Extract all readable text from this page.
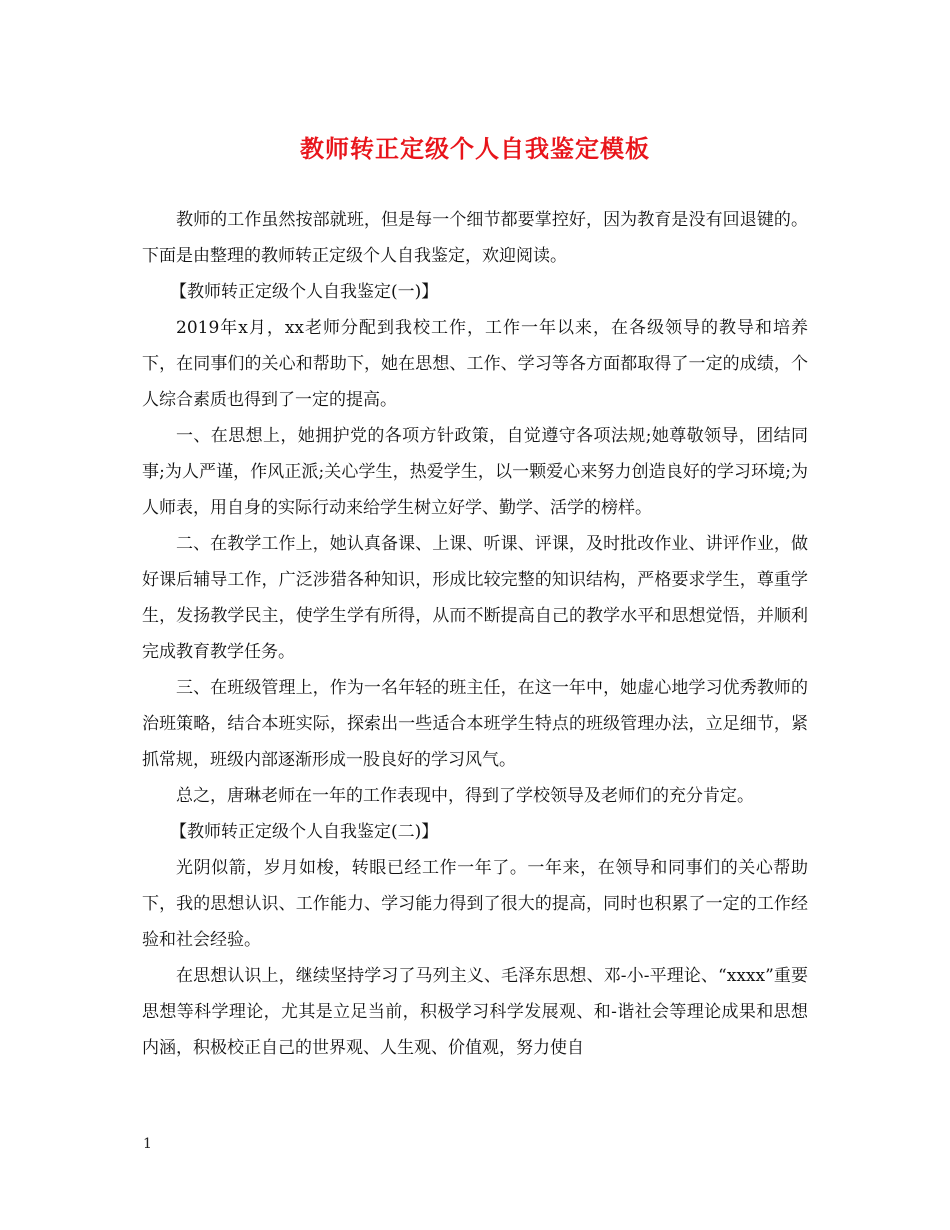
教师转正定级个人自我鉴定模板

教师的工作虽然按部就班，但是每一个细节都要掌控好，因为教育是没有回退键的。下面是由整理的教师转正定级个人自我鉴定，欢迎阅读。

【教师转正定级个人自我鉴定(一)】

2019年x月，xx老师分配到我校工作，工作一年以来，在各级领导的教导和培养下，在同事们的关心和帮助下，她在思想、工作、学习等各方面都取得了一定的成绩，个人综合素质也得到了一定的提高。

一、在思想上，她拥护党的各项方针政策，自觉遵守各项法规;她尊敬领导，团结同事;为人严谨，作风正派;关心学生，热爱学生，以一颗爱心来努力创造良好的学习环境;为人师表，用自身的实际行动来给学生树立好学、勤学、活学的榜样。

二、在教学工作上，她认真备课、上课、听课、评课，及时批改作业、讲评作业，做好课后辅导工作，广泛涉猎各种知识，形成比较完整的知识结构，严格要求学生，尊重学生，发扬教学民主，使学生学有所得，从而不断提高自己的教学水平和思想觉悟，并顺利完成教育教学任务。

三、在班级管理上，作为一名年轻的班主任，在这一年中，她虚心地学习优秀教师的治班策略，结合本班实际，探索出一些适合本班学生特点的班级管理办法，立足细节，紧抓常规，班级内部逐渐形成一股良好的学习风气。

总之，唐琳老师在一年的工作表现中，得到了学校领导及老师们的充分肯定。

【教师转正定级个人自我鉴定(二)】

光阴似箭，岁月如梭，转眼已经工作一年了。一年来，在领导和同事们的关心帮助下，我的思想认识、工作能力、学习能力得到了很大的提高，同时也积累了一定的工作经验和社会经验。

在思想认识上，继续坚持学习了马列主义、毛泽东思想、邓-小-平理论、“xxxx”重要思想等科学理论，尤其是立足当前，积极学习科学发展观、和-谐社会等理论成果和思想内涵，积极校正自己的世界观、人生观、价值观，努力使自

1
